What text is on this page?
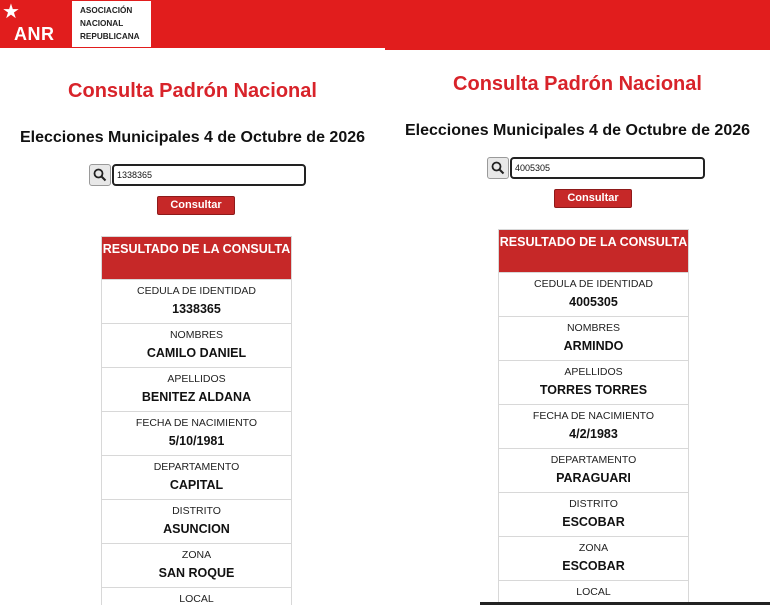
★
ANR
ASOCIACIÓN
NACIONAL
REPUBLICANA
Consulta Padrón Nacional
Elecciones Municipales 4 de Octubre de 2026
1338365
Consultar
RESULTADO DE LA CONSULTA
CEDULA DE IDENTIDAD
1338365
NOMBRES
CAMILO DANIEL
APELLIDOS
BENITEZ ALDANA
FECHA DE NACIMIENTO
5/10/1981
DEPARTAMENTO
CAPITAL
DISTRITO
ASUNCION
ZONA
SAN ROQUE
LOCAL
Consulta Padrón Nacional
Elecciones Municipales 4 de Octubre de 2026
4005305
Consultar
RESULTADO DE LA CONSULTA
CEDULA DE IDENTIDAD
4005305
NOMBRES
ARMINDO
APELLIDOS
TORRES TORRES
FECHA DE NACIMIENTO
4/2/1983
DEPARTAMENTO
PARAGUARI
DISTRITO
ESCOBAR
ZONA
ESCOBAR
LOCAL
